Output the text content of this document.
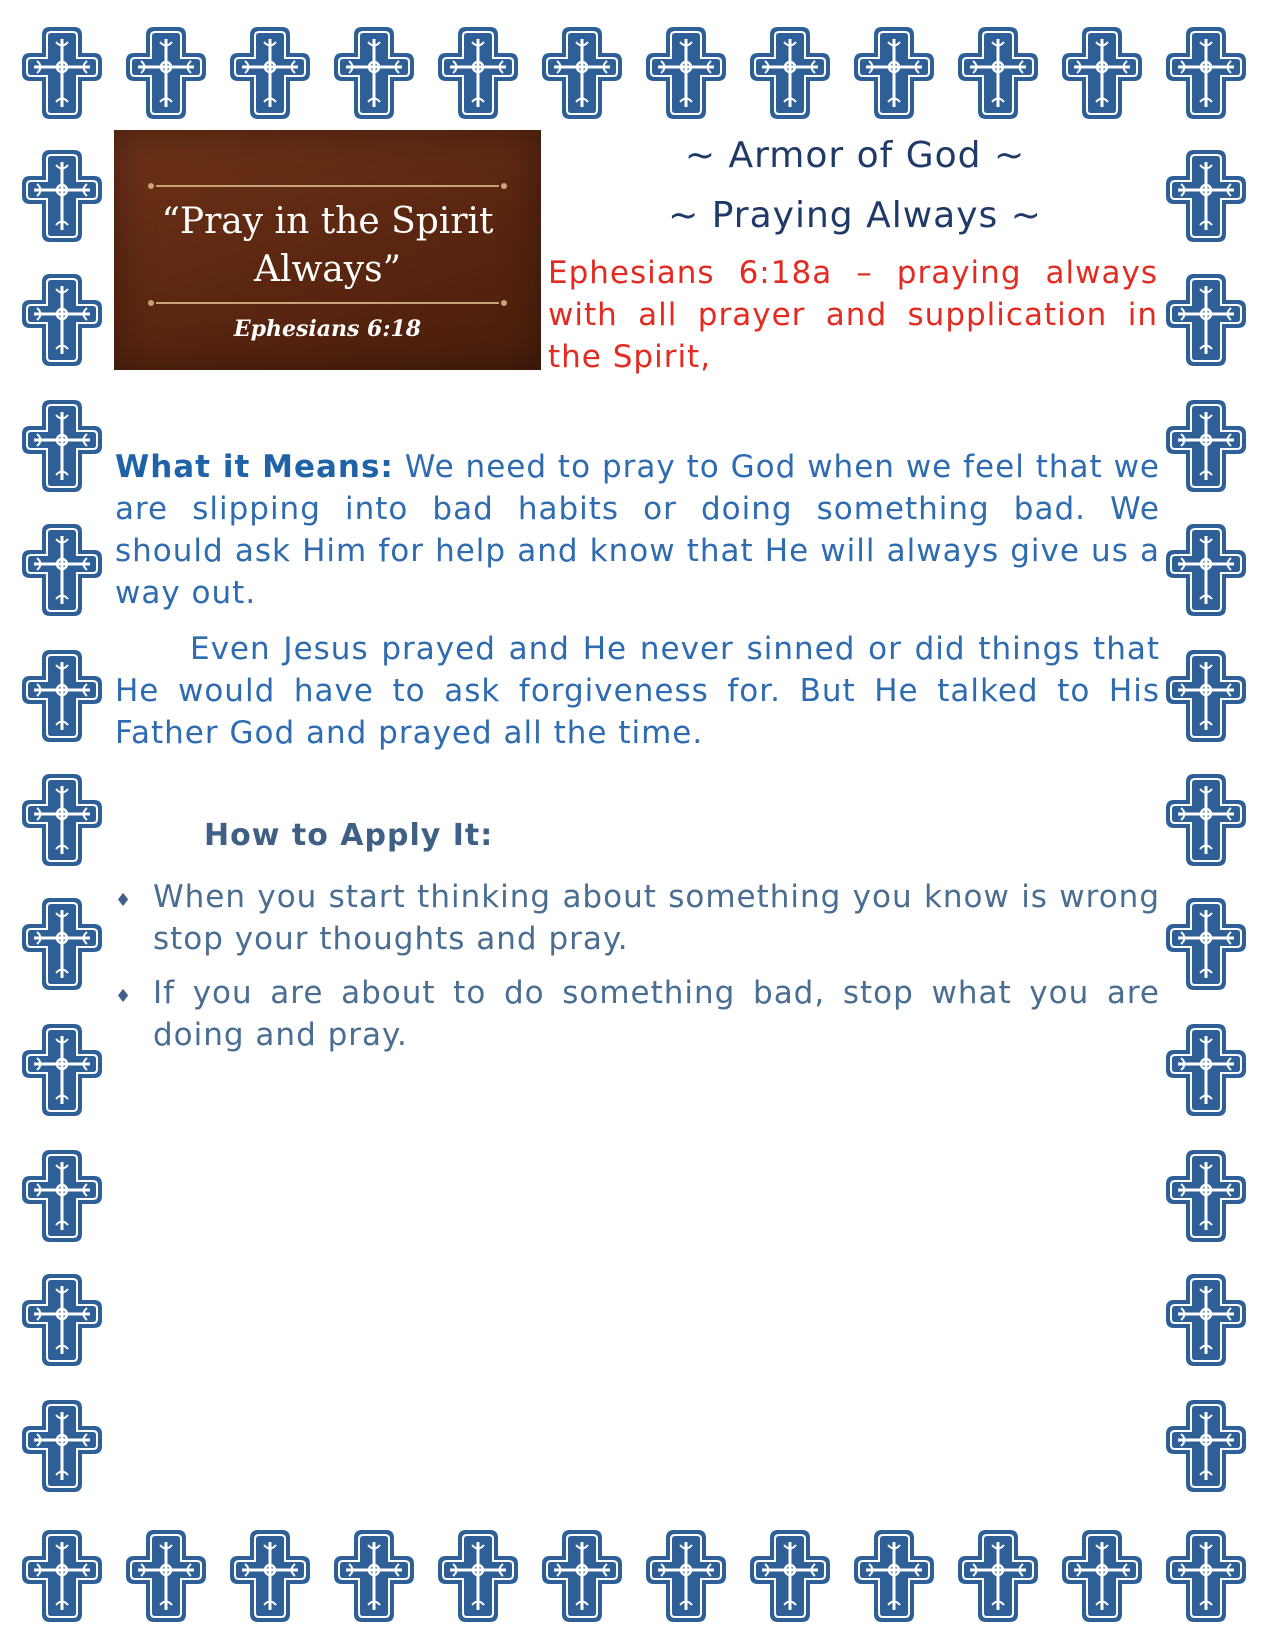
“Pray in the Spirit Always”
Ephesians 6:18
~ Armor of God ~
~ Praying Always ~
Ephesians 6:18a – praying always with all prayer and supplication in the Spirit,
What it Means: We need to pray to God when we feel that we are slipping into bad habits or doing something bad. We should ask Him for help and know that He will always give us a way out.
Even Jesus prayed and He never sinned or did things that He would have to ask forgiveness for. But He talked to His Father God and prayed all the time.
How to Apply It:
♦ When you start thinking about something you know is wrong stop your thoughts and pray.
♦ If you are about to do something bad, stop what you are doing and pray.
